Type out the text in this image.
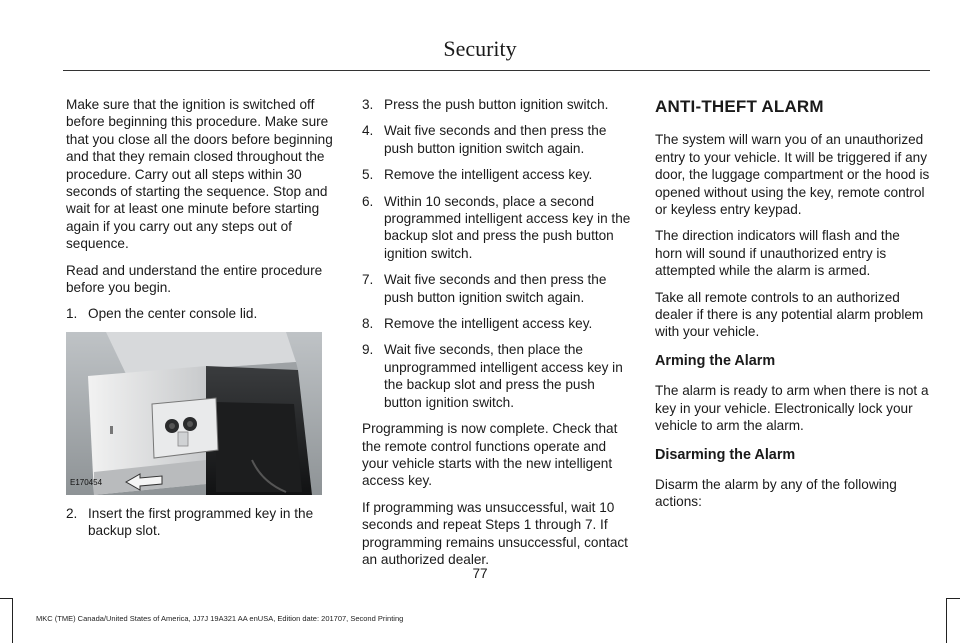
Security

Make sure that the ignition is switched off before beginning this procedure. Make sure that you close all the doors before beginning and that they remain closed throughout the procedure. Carry out all steps within 30 seconds of starting the sequence. Stop and wait for at least one minute before starting again if you carry out any steps out of sequence.

Read and understand the entire procedure before you begin.

1. Open the center console lid.
E170454
2. Insert the first programmed key in the backup slot.
3. Press the push button ignition switch.
4. Wait five seconds and then press the push button ignition switch again.
5. Remove the intelligent access key.
6. Within 10 seconds, place a second programmed intelligent access key in the backup slot and press the push button ignition switch.
7. Wait five seconds and then press the push button ignition switch again.
8. Remove the intelligent access key.
9. Wait five seconds, then place the unprogrammed intelligent access key in the backup slot and press the push button ignition switch.

Programming is now complete. Check that the remote control functions operate and your vehicle starts with the new intelligent access key.

If programming was unsuccessful, wait 10 seconds and repeat Steps 1 through 7. If programming remains unsuccessful, contact an authorized dealer.

ANTI-THEFT ALARM

The system will warn you of an unauthorized entry to your vehicle. It will be triggered if any door, the luggage compartment or the hood is opened without using the key, remote control or keyless entry keypad.

The direction indicators will flash and the horn will sound if unauthorized entry is attempted while the alarm is armed.

Take all remote controls to an authorized dealer if there is any potential alarm problem with your vehicle.

Arming the Alarm

The alarm is ready to arm when there is not a key in your vehicle. Electronically lock your vehicle to arm the alarm.

Disarming the Alarm

Disarm the alarm by any of the following actions:

77
MKC (TME) Canada/United States of America, JJ7J 19A321 AA enUSA, Edition date: 201707, Second Printing
